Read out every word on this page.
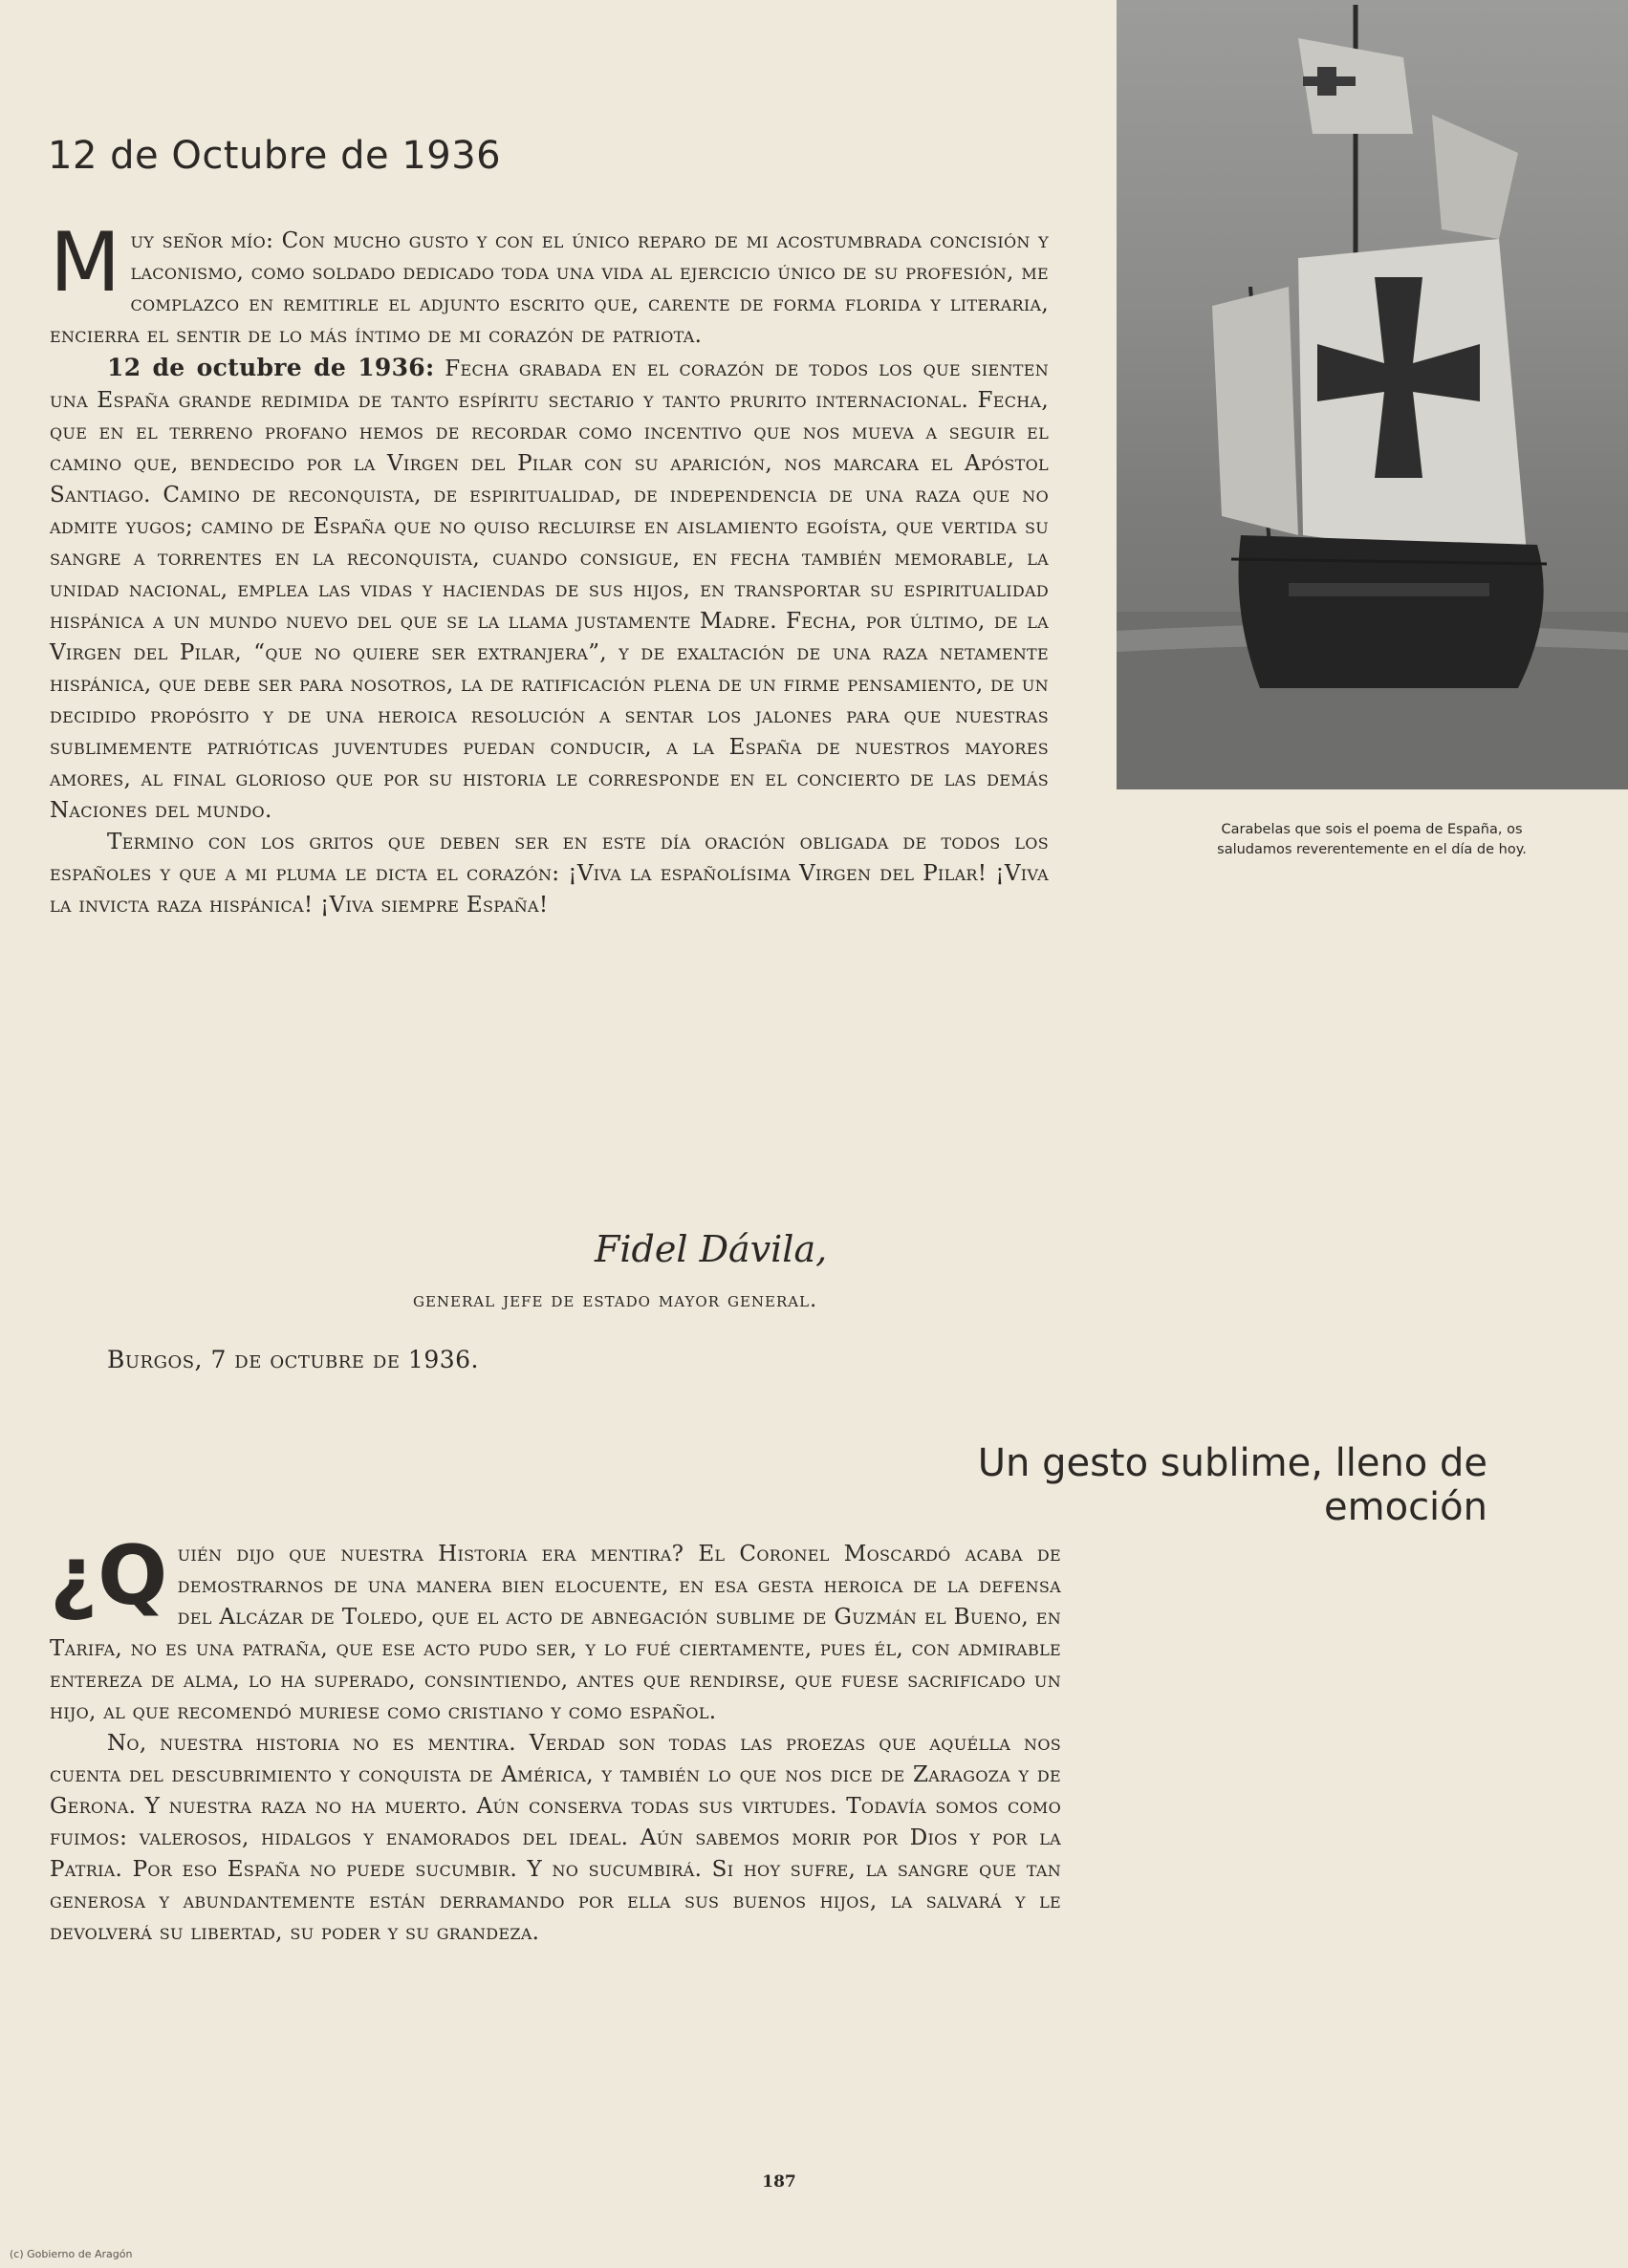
12 de Octubre de 1936

Muy señor mío: Con mucho gusto y con el único reparo de mi acostumbrada concisión y laconismo, como soldado dedicado toda una vida al ejercicio único de su profesión, me complazco en remitirle el adjunto escrito que, carente de forma florida y literaria, encierra el sentir de lo más íntimo de mi corazón de patriota.

12 de octubre de 1936: Fecha grabada en el corazón de todos los que sienten una España grande redimida de tanto espíritu sectario y tanto prurito internacional. Fecha, que en el terreno profano hemos de recordar como incentivo que nos mueva a seguir el camino que, bendecido por la Virgen del Pilar con su aparición, nos marcara el Apóstol Santiago. Camino de reconquista, de espiritualidad, de independencia de una raza que no admite yugos; camino de España que no quiso recluirse en aislamiento egoísta, que vertida su sangre a torrentes en la reconquista, cuando consigue, en fecha también memorable, la unidad nacional, emplea las vidas y haciendas de sus hijos, en transportar su espiritualidad hispánica a un mundo nuevo del que se la llama justamente Madre. Fecha, por último, de la Virgen del Pilar, “que no quiere ser extranjera”, y de exaltación de una raza netamente hispánica, que debe ser para nosotros, la de ratificación plena de un firme pensamiento, de un decidido propósito y de una heroica resolución a sentar los jalones para que nuestras sublimemente patrióticas juventudes puedan conducir, a la España de nuestros mayores amores, al final glorioso que por su historia le corresponde en el concierto de las demás Naciones del mundo.

Termino con los gritos que deben ser en este día oración obligada de todos los españoles y que a mi pluma le dicta el corazón: ¡Viva la españolísima Virgen del Pilar! ¡Viva la invicta raza hispánica! ¡Viva siempre España!

Fidel Dávila,
general jefe de estado mayor general.
Burgos, 7 de octubre de 1936.
Carabelas que sois el poema de España, os
saludamos reverentemente en el día de hoy.
Un gesto sublime, lleno de emoción

¿Q uién dijo que nuestra Historia era mentira? El Coronel Moscardó acaba de demostrarnos de una manera bien elocuente, en esa gesta heroica de la defensa del Alcázar de Toledo, que el acto de abnegación sublime de Guzmán el Bueno, en Tarifa, no es una patraña, que ese acto pudo ser, y lo fué ciertamente, pues él, con admirable entereza de alma, lo ha superado, consintiendo, antes que rendirse, que fuese sacrificado un hijo, al que recomendó muriese como cristiano y como español.

No, nuestra historia no es mentira. Verdad son todas las proezas que aquélla nos cuenta del descubrimiento y conquista de América, y también lo que nos dice de Zaragoza y de Gerona. Y nuestra raza no ha muerto. Aún conserva todas sus virtudes. Todavía somos como fuimos: valerosos, hidalgos y enamorados del ideal. Aún sabemos morir por Dios y por la Patria. Por eso España no puede sucumbir. Y no sucumbirá. Si hoy sufre, la sangre que tan generosa y abundantemente están derramando por ella sus buenos hijos, la salvará y le devolverá su libertad, su poder y su grandeza.

187
(c) Gobierno de Aragón
